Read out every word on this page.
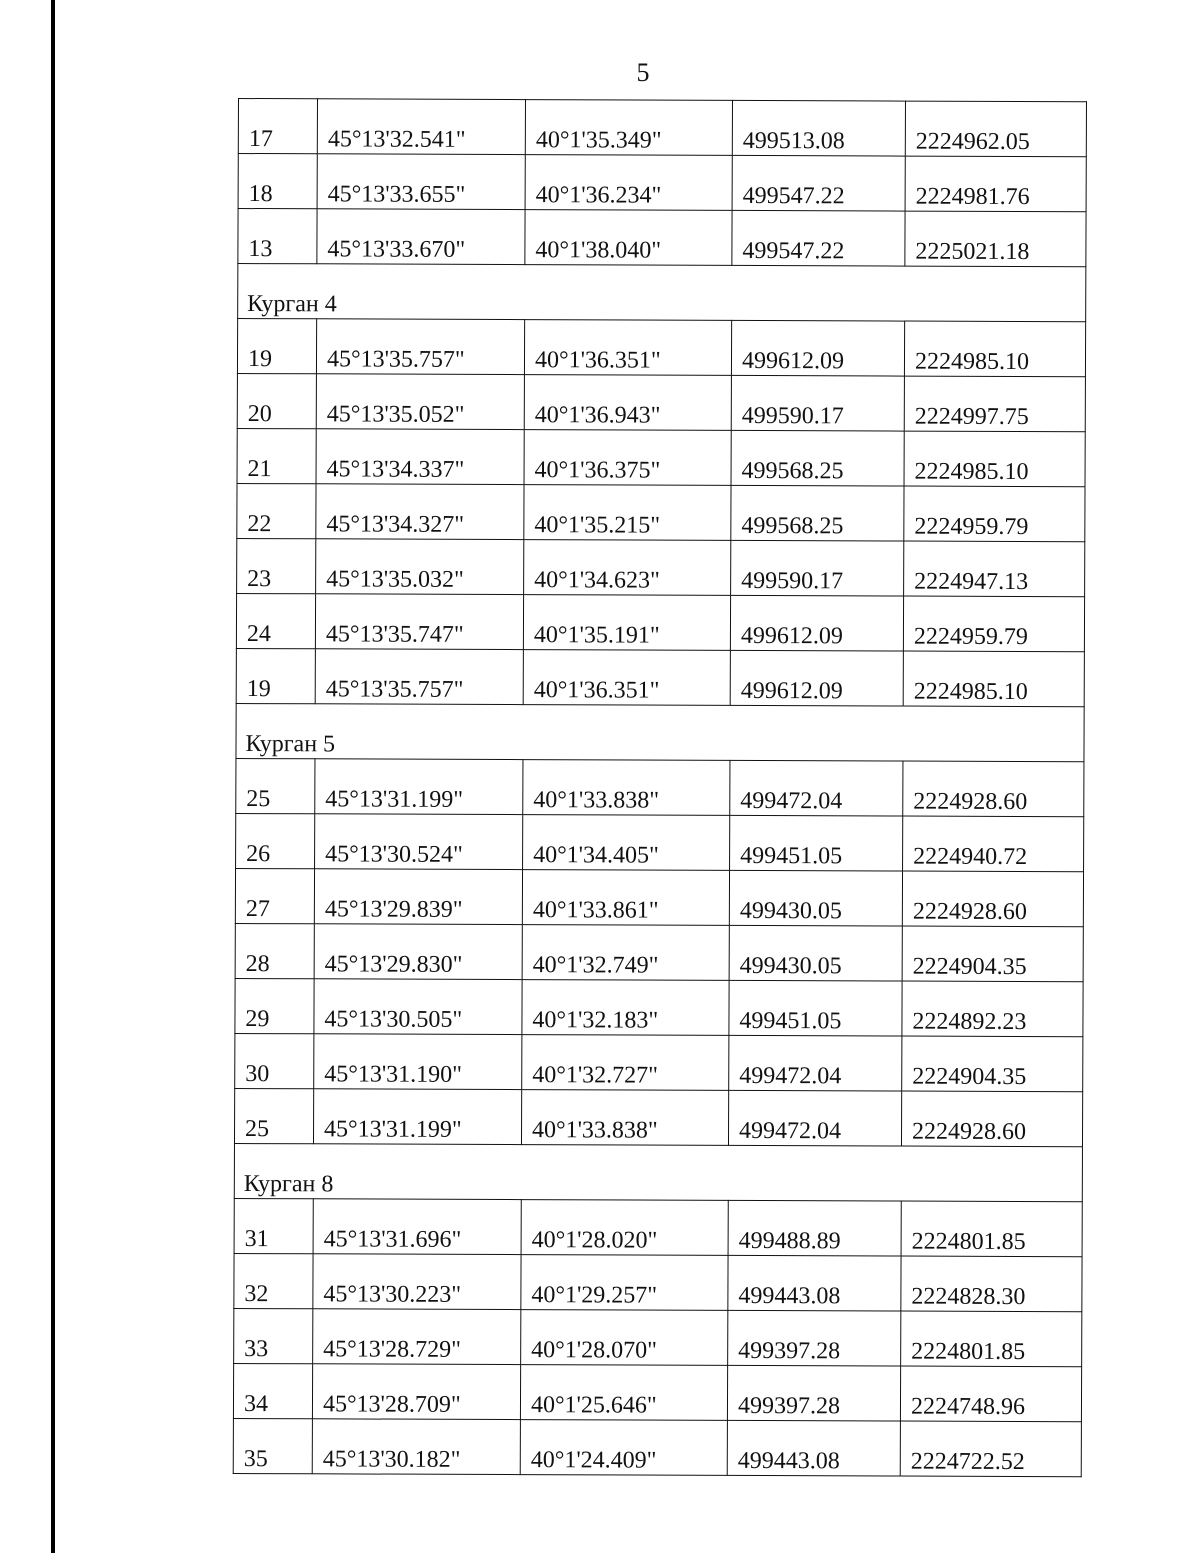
5
17	45°13'32.541"	40°1'35.349"	499513.08	2224962.05
18	45°13'33.655"	40°1'36.234"	499547.22	2224981.76
13	45°13'33.670"	40°1'38.040"	499547.22	2225021.18
Курган 4				
19	45°13'35.757"	40°1'36.351"	499612.09	2224985.10
20	45°13'35.052"	40°1'36.943"	499590.17	2224997.75
21	45°13'34.337"	40°1'36.375"	499568.25	2224985.10
22	45°13'34.327"	40°1'35.215"	499568.25	2224959.79
23	45°13'35.032"	40°1'34.623"	499590.17	2224947.13
24	45°13'35.747"	40°1'35.191"	499612.09	2224959.79
19	45°13'35.757"	40°1'36.351"	499612.09	2224985.10
Курган 5				
25	45°13'31.199"	40°1'33.838"	499472.04	2224928.60
26	45°13'30.524"	40°1'34.405"	499451.05	2224940.72
27	45°13'29.839"	40°1'33.861"	499430.05	2224928.60
28	45°13'29.830"	40°1'32.749"	499430.05	2224904.35
29	45°13'30.505"	40°1'32.183"	499451.05	2224892.23
30	45°13'31.190"	40°1'32.727"	499472.04	2224904.35
25	45°13'31.199"	40°1'33.838"	499472.04	2224928.60
Курган 8				
31	45°13'31.696"	40°1'28.020"	499488.89	2224801.85
32	45°13'30.223"	40°1'29.257"	499443.08	2224828.30
33	45°13'28.729"	40°1'28.070"	499397.28	2224801.85
34	45°13'28.709"	40°1'25.646"	499397.28	2224748.96
35	45°13'30.182"	40°1'24.409"	499443.08	2224722.52
